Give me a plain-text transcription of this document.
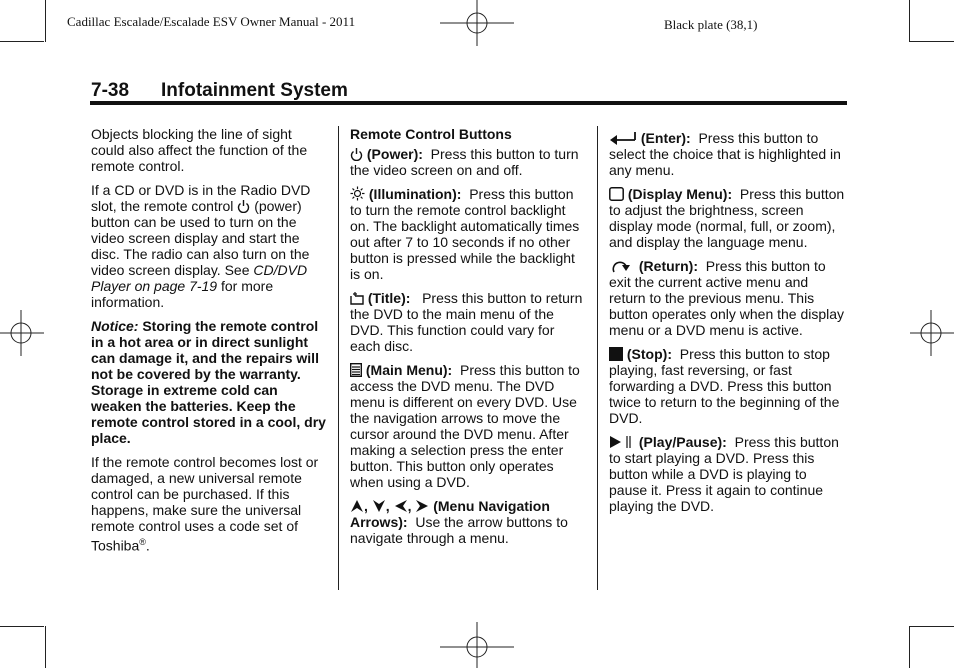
Cadillac Escalade/Escalade ESV Owner Manual - 2011	Black plate (38,1)
7-38 Infotainment System

Objects blocking the line of sight could also affect the function of the remote control.

If a CD or DVD is in the Radio DVD slot, the remote control (power) button can be used to turn on the video screen display and start the disc. The radio can also turn on the video screen display. See CD/DVD Player on page 7-19 for more information.

Notice: Storing the remote control in a hot area or in direct sunlight can damage it, and the repairs will not be covered by the warranty. Storage in extreme cold can weaken the batteries. Keep the remote control stored in a cool, dry place.

If the remote control becomes lost or damaged, a new universal remote control can be purchased. If this happens, make sure the universal remote control uses a code set of Toshiba®.

Remote Control Buttons

(Power): Press this button to turn the video screen on and off.

(Illumination): Press this button to turn the remote control backlight on. The backlight automatically times out after 7 to 10 seconds if no other button is pressed while the backlight is on.

(Title): Press this button to return the DVD to the main menu of the DVD. This function could vary for each disc.

(Main Menu): Press this button to access the DVD menu. The DVD menu is different on every DVD. Use the navigation arrows to move the cursor around the DVD menu. After making a selection press the enter button. This button only operates when using a DVD.

, , , (Menu Navigation Arrows): Use the arrow buttons to navigate through a menu.

(Enter): Press this button to select the choice that is highlighted in any menu.

(Display Menu): Press this button to adjust the brightness, screen display mode (normal, full, or zoom), and display the language menu.

(Return): Press this button to exit the current active menu and return to the previous menu. This button operates only when the display menu or a DVD menu is active.

(Stop): Press this button to stop playing, fast reversing, or fast forwarding a DVD. Press this button twice to return to the beginning of the DVD.

(Play/Pause): Press this button to start playing a DVD. Press this button while a DVD is playing to pause it. Press it again to continue playing the DVD.
